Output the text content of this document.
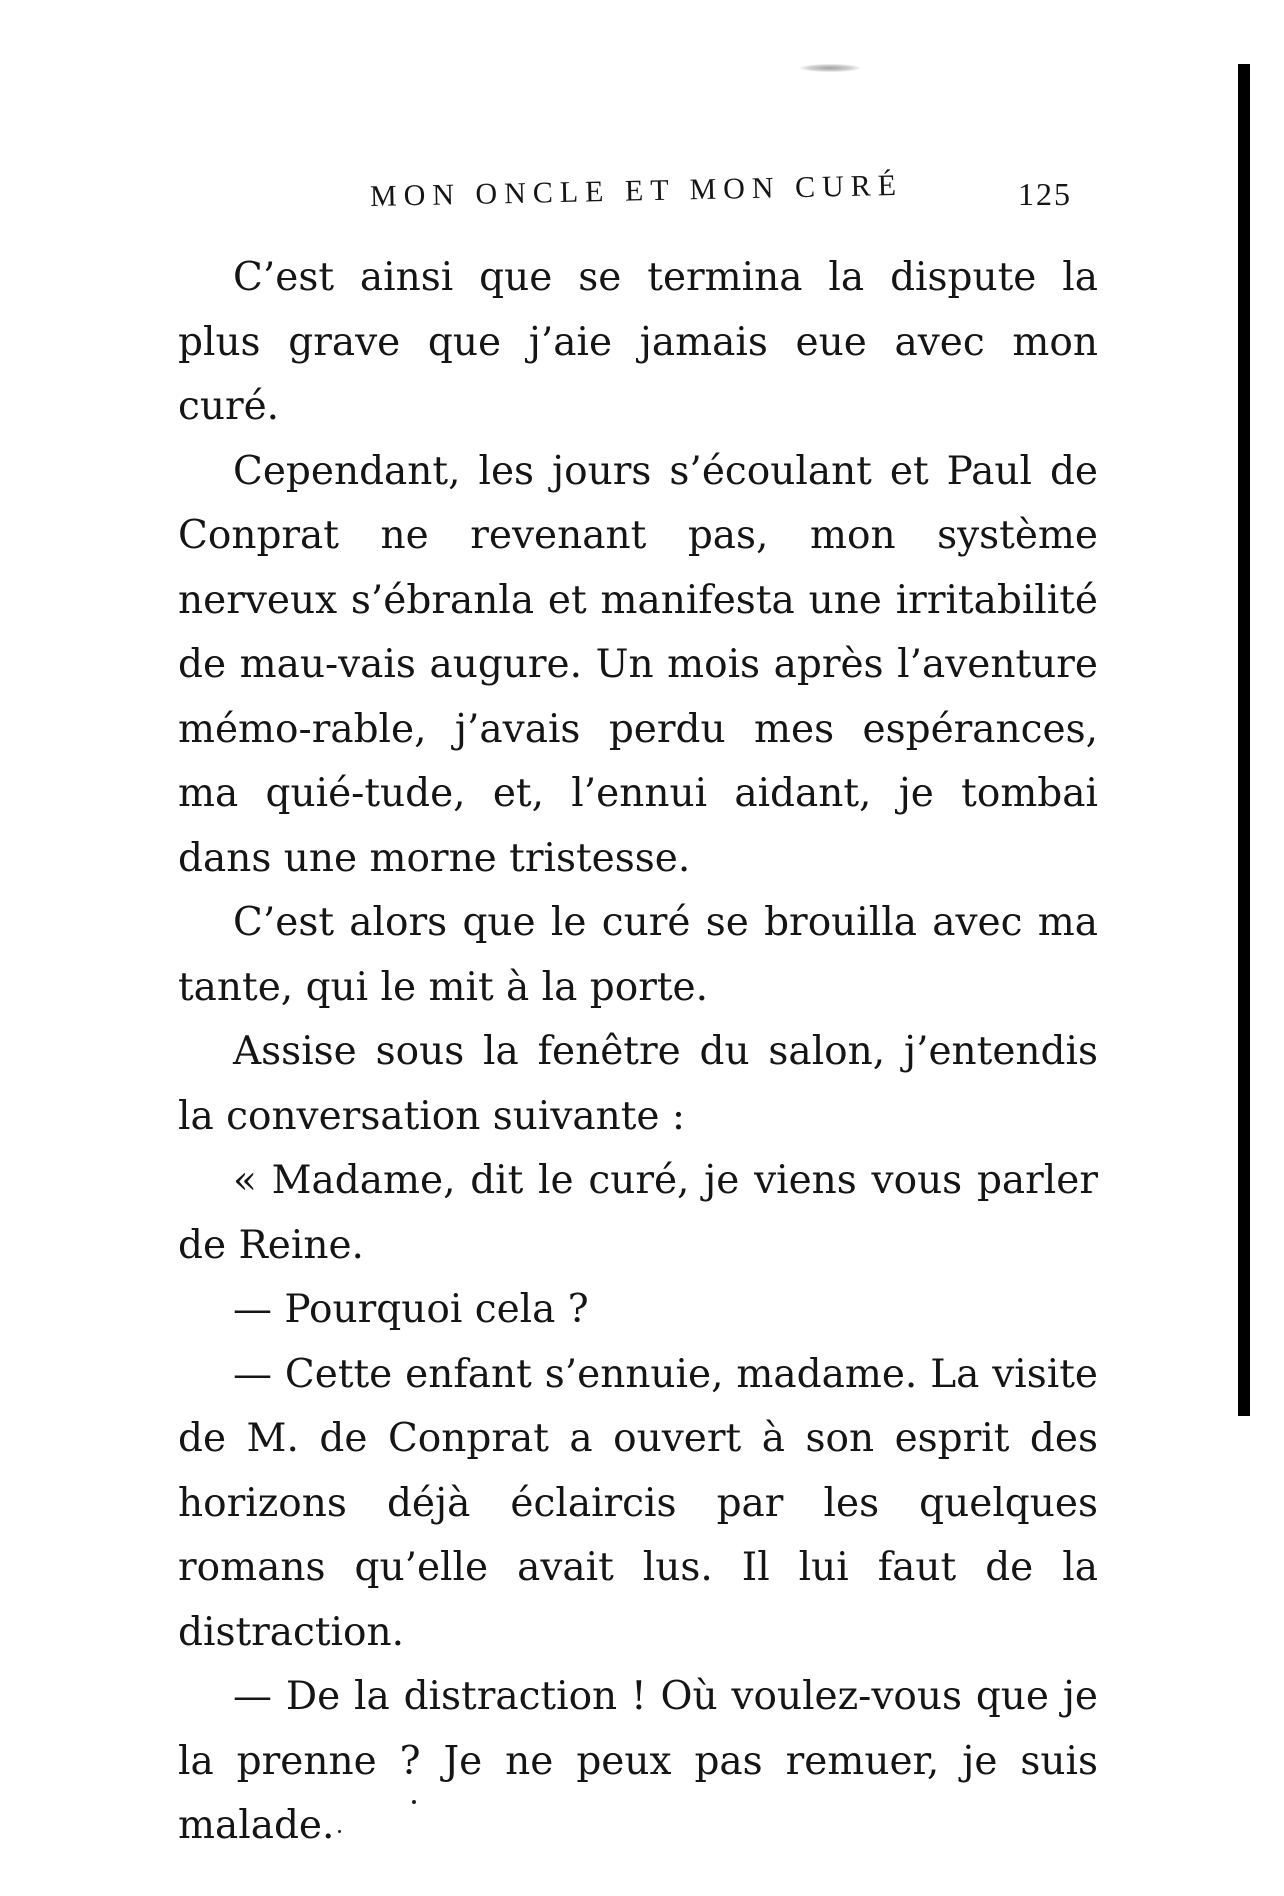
MON ONCLE ET MON CURÉ	125

C’est ainsi que se termina la dispute la plus grave que j’aie jamais eue avec mon curé.

Cependant, les jours s’écoulant et Paul de Conprat ne revenant pas, mon système nerveux s’ébranla et manifesta une irritabilité de mau-vais augure. Un mois après l’aventure mémo-rable, j’avais perdu mes espérances, ma quié-tude, et, l’ennui aidant, je tombai dans une morne tristesse.

C’est alors que le curé se brouilla avec ma tante, qui le mit à la porte.

Assise sous la fenêtre du salon, j’entendis la conversation suivante :

« Madame, dit le curé, je viens vous parler de Reine.

— Pourquoi cela ?

— Cette enfant s’ennuie, madame. La visite de M. de Conprat a ouvert à son esprit des horizons déjà éclaircis par les quelques romans qu’elle avait lus. Il lui faut de la distraction.

— De la distraction ! Où voulez-vous que je la prenne ? Je ne peux pas remuer, je suis malade.
